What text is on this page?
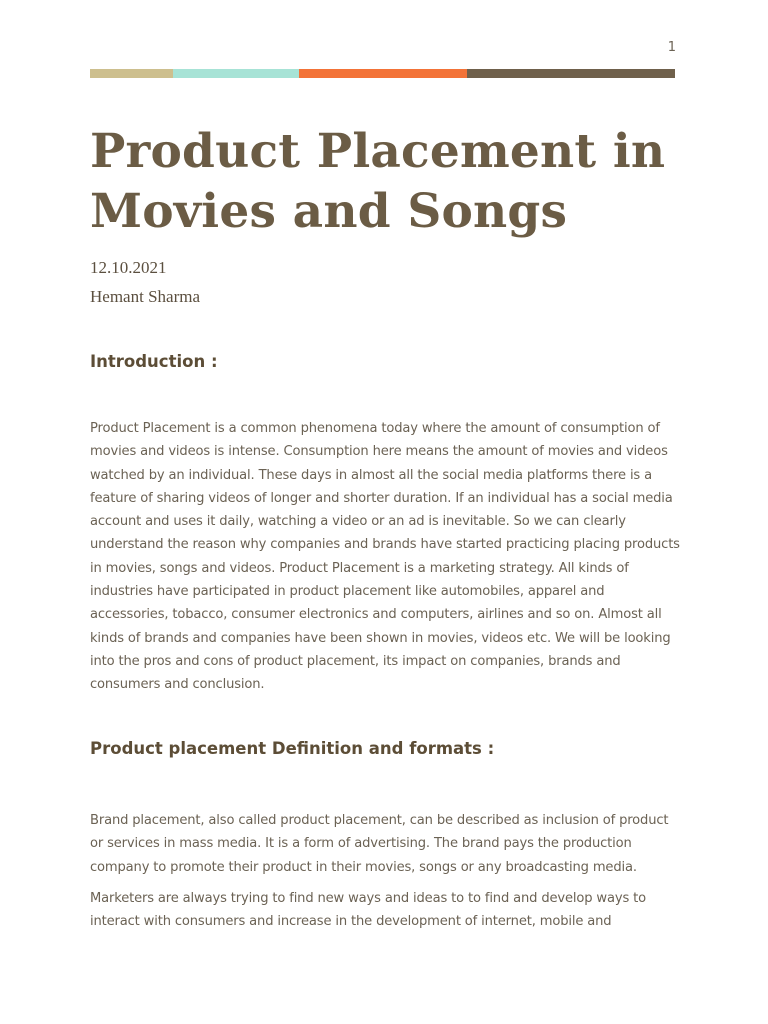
1
Product Placement in Movies and Songs
12.10.2021
Hemant Sharma
Introduction :

Product Placement is a common phenomena today where the amount of consumption of movies and videos is intense. Consumption here means the amount of movies and videos watched by an individual. These days in almost all the social media platforms there is a feature of sharing videos of longer and shorter duration. If an individual has a social media account and uses it daily, watching a video or an ad is inevitable. So we can clearly understand the reason why companies and brands have started practicing placing products in movies, songs and videos. Product Placement is a marketing strategy. All kinds of industries have participated in product placement like automobiles, apparel and accessories, tobacco, consumer electronics and computers, airlines and so on. Almost all kinds of brands and companies have been shown in movies, videos etc. We will be looking into the pros and cons of product placement, its impact on companies, brands and consumers and conclusion.

Product placement Definition and formats :

Brand placement, also called product placement, can be described as inclusion of product or services in mass media. It is a form of advertising. The brand pays the production company to promote their product in their movies, songs or any broadcasting media.

Marketers are always trying to find new ways and ideas to to find and develop ways to interact with consumers and increase in the development of internet, mobile and
